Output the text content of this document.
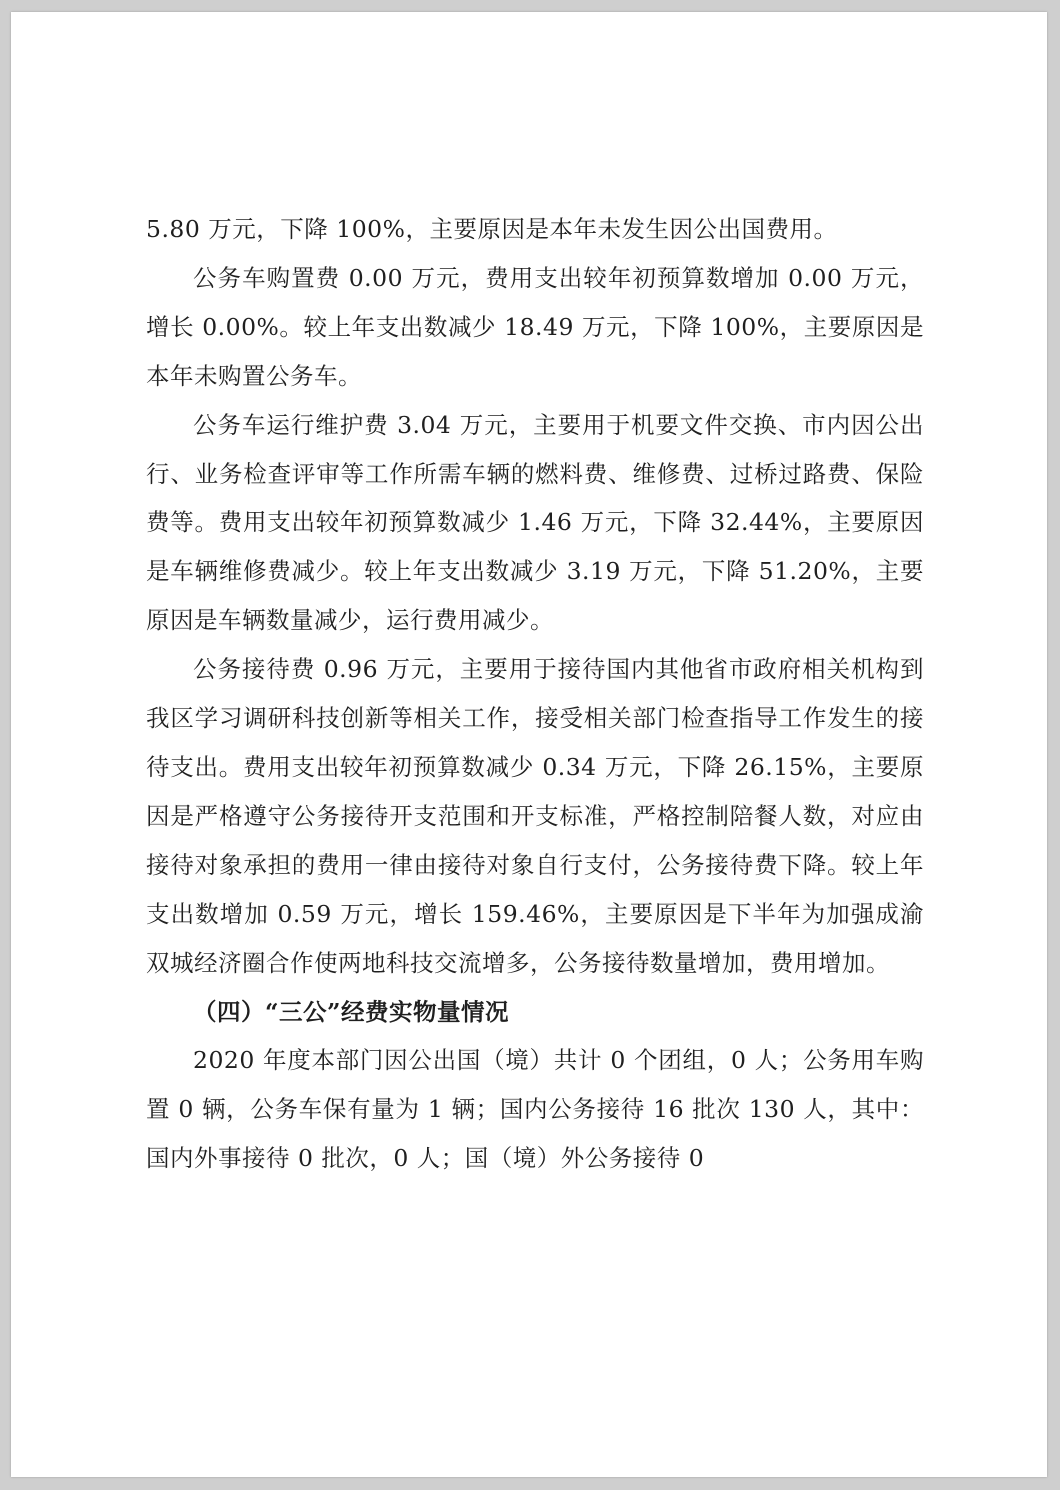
5.80 万元，下降 100%，主要原因是本年未发生因公出国费用。

公务车购置费 0.00 万元，费用支出较年初预算数增加 0.00 万元，增长 0.00%。较上年支出数减少 18.49 万元，下降 100%，主要原因是本年未购置公务车。

公务车运行维护费 3.04 万元，主要用于机要文件交换、市内因公出行、业务检查评审等工作所需车辆的燃料费、维修费、过桥过路费、保险费等。费用支出较年初预算数减少 1.46 万元，下降 32.44%，主要原因是车辆维修费减少。较上年支出数减少 3.19 万元，下降 51.20%，主要原因是车辆数量减少，运行费用减少。

公务接待费 0.96 万元，主要用于接待国内其他省市政府相关机构到我区学习调研科技创新等相关工作，接受相关部门检查指导工作发生的接待支出。费用支出较年初预算数减少 0.34 万元，下降 26.15%，主要原因是严格遵守公务接待开支范围和开支标准，严格控制陪餐人数，对应由接待对象承担的费用一律由接待对象自行支付，公务接待费下降。较上年支出数增加 0.59 万元，增长 159.46%，主要原因是下半年为加强成渝双城经济圈合作使两地科技交流增多，公务接待数量增加，费用增加。

（四）“三公”经费实物量情况

2020 年度本部门因公出国（境）共计 0 个团组，0 人；公务用车购置 0 辆，公务车保有量为 1 辆；国内公务接待 16 批次 130 人，其中：国内外事接待 0 批次，0 人；国（境）外公务接待 0
